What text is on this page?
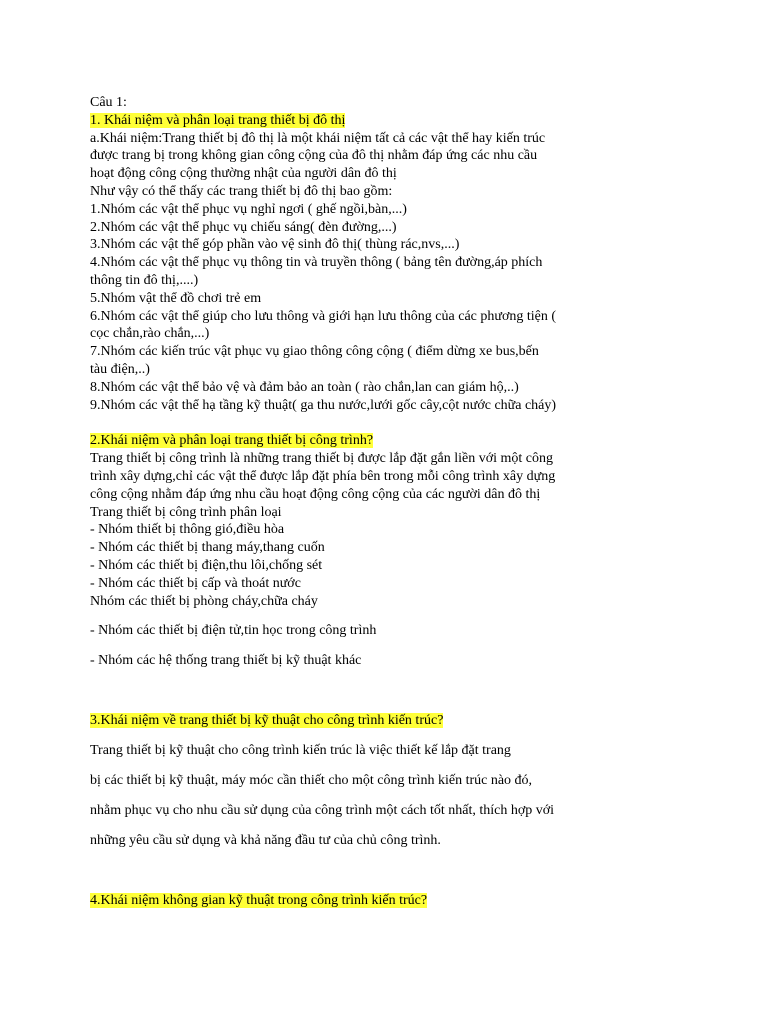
Câu 1:
1. Khái niệm và phân loại trang thiết bị đô thị
a.Khái niệm:Trang thiết bị đô thị là một khái niệm tất cả các vật thể hay kiến trúc
được trang bị trong không gian công cộng của đô thị nhằm đáp ứng các nhu cầu
hoạt động công cộng thường nhật của người dân đô thị
Như vậy có thể thấy các trang thiết bị đô thị bao gồm:
1.Nhóm các vật thể phục vụ nghỉ ngơi ( ghế ngồi,bàn,...)
2.Nhóm các vật thể phục vụ chiếu sáng( đèn đường,...)
3.Nhóm các vật thể góp phần vào vệ sinh đô thị( thùng rác,nvs,...)
4.Nhóm các vật thể phục vụ thông tin và truyền thông ( bảng tên đường,áp phích
thông tin đô thị,....)
5.Nhóm vật thể đồ chơi trẻ em
6.Nhóm các vật thể giúp cho lưu thông và giới hạn lưu thông của các phương tiện (
cọc chắn,rào chắn,...)
7.Nhóm các kiến trúc vật phục vụ giao thông công cộng ( điểm dừng xe bus,bến
tàu điện,..)
8.Nhóm các vật thể bảo vệ và đảm bảo an toàn ( rào chắn,lan can giám hộ,..)
9.Nhóm các vật thể hạ tầng kỹ thuật( ga thu nước,lưới gốc cây,cột nước chữa cháy)
2.Khái niệm và phân loại trang thiết bị công trình?
Trang thiết bị công trình là những trang thiết bị được lắp đặt gắn liền với một công
trình xây dựng,chỉ các vật thể được lắp đặt phía bên trong mỗi công trình xây dựng
công cộng nhằm đáp ứng nhu cầu hoạt động công cộng của các người dân đô thị
Trang thiết bị công trình phân loại
- Nhóm thiết bị thông gió,điều hòa
- Nhóm các thiết bị thang máy,thang cuốn
- Nhóm các thiết bị điện,thu lôi,chống sét
- Nhóm các thiết bị cấp và thoát nước
Nhóm các thiết bị phòng cháy,chữa cháy
- Nhóm các thiết bị điện tử,tin học trong công trình
- Nhóm các hệ thống trang thiết bị kỹ thuật khác
3.Khái niệm về trang thiết bị kỹ thuật cho công trình kiến trúc?
Trang thiết bị kỹ thuật cho công trình kiến trúc là việc thiết kế lắp đặt trang
bị các thiết bị kỹ thuật, máy móc cần thiết cho một công trình kiến trúc nào đó,
nhằm phục vụ cho nhu cầu sử dụng của công trình một cách tốt nhất, thích hợp với
những yêu cầu sử dụng và khả năng đầu tư của chủ công trình.
4.Khái niệm không gian kỹ thuật trong công trình kiến trúc?
